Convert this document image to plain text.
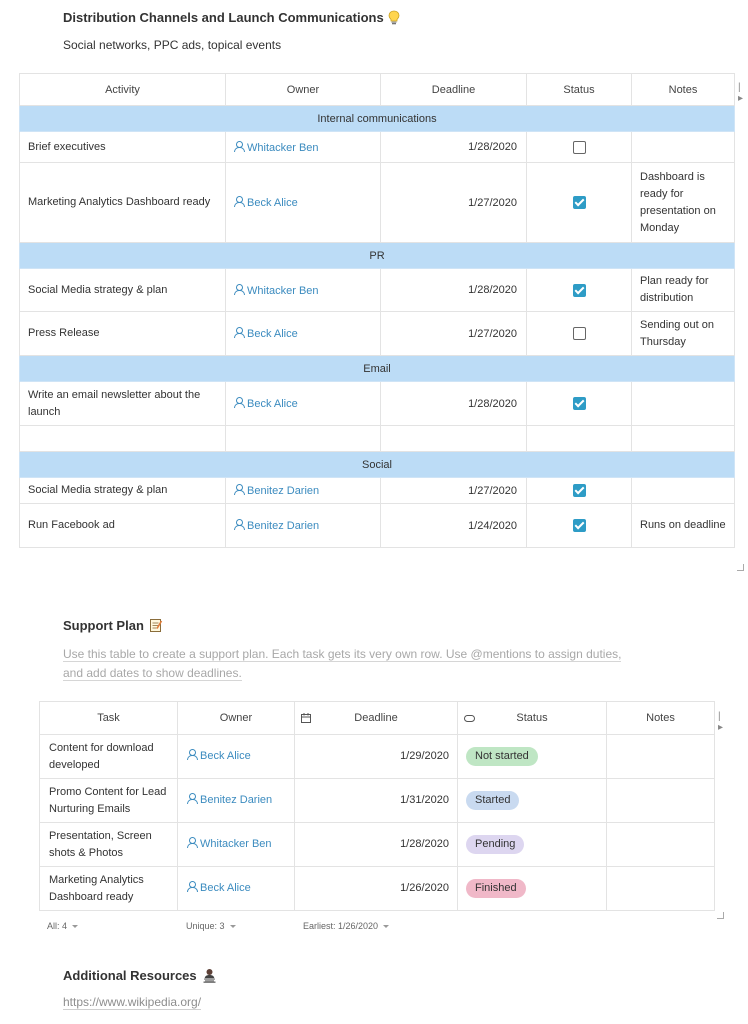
Distribution Channels and Launch Communications
Social networks, PPC ads, topical events
Activity	Owner	Deadline	Status	Notes
Internal communications				
Brief executives	Whitacker Ben	1/28/2020		
Marketing Analytics Dashboard ready	Beck Alice	1/27/2020		Dashboard is ready for presentation on Monday
PR				
Social Media strategy & plan	Whitacker Ben	1/28/2020		Plan ready for distribution
Press Release	Beck Alice	1/27/2020		Sending out on Thursday
Email				
Write an email newsletter about the launch	Beck Alice	1/28/2020		

Social				
Social Media strategy & plan	Benitez Darien	1/27/2020		
Run Facebook ad	Benitez Darien	1/24/2020		Runs on deadline
|▸
Support Plan
Use this table to create a support plan. Each task gets its very own row. Use @mentions to assign duties, and add dates to show deadlines.
Task	Owner	Deadline	Status	Notes
Content for download developed	Beck Alice	1/29/2020	Not started	
Promo Content for Lead Nurturing Emails	Benitez Darien	1/31/2020	Started	
Presentation, Screen shots & Photos	Whitacker Ben	1/28/2020	Pending	
Marketing Analytics Dashboard ready	Beck Alice	1/26/2020	Finished	
|▸
All: 4	Unique: 3	Earliest: 1/26/2020
Additional Resources
https://www.wikipedia.org/
